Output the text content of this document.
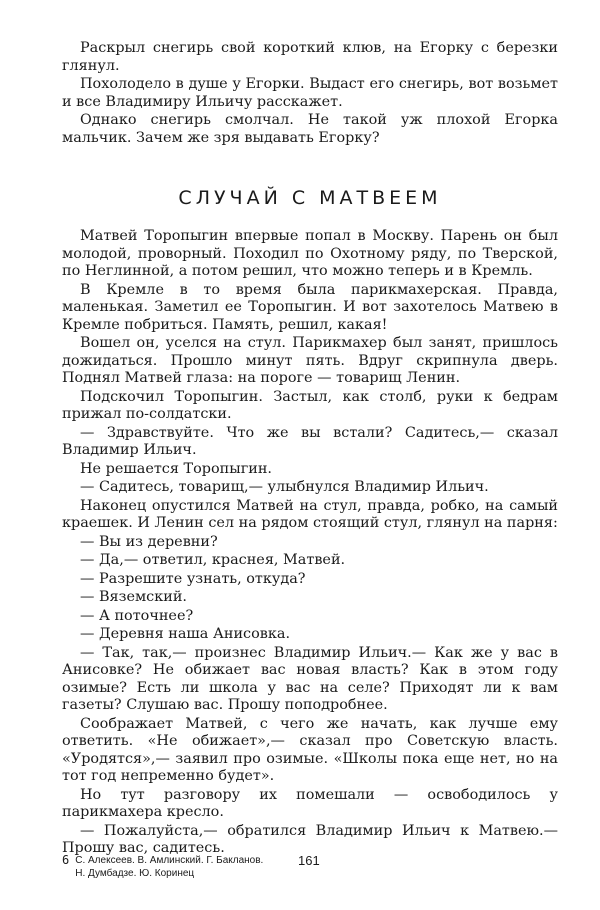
Раскрыл снегирь свой короткий клюв, на Егорку с березки глянул.

Похолодело в душе у Егорки. Выдаст его снегирь, вот возьмет и все Владимиру Ильичу расскажет.

Однако снегирь смолчал. Не такой уж плохой Егорка мальчик. Зачем же зря выдавать Егорку?

СЛУЧАЙ С МАТВЕЕМ

Матвей Торопыгин впервые попал в Москву. Парень он был молодой, проворный. Походил по Охотному ряду, по Тверской, по Неглинной, а потом решил, что можно теперь и в Кремль.

В Кремле в то время была парикмахерская. Правда, маленькая. Заметил ее Торопыгин. И вот захотелось Матвею в Кремле побриться. Память, решил, какая!

Вошел он, уселся на стул. Парикмахер был занят, пришлось дожидаться. Прошло минут пять. Вдруг скрипнула дверь. Поднял Матвей глаза: на пороге — товарищ Ленин.

Подскочил Торопыгин. Застыл, как столб, руки к бедрам прижал по-солдатски.

— Здравствуйте. Что же вы встали? Садитесь,— сказал Владимир Ильич.

Не решается Торопыгин.

— Садитесь, товарищ,— улыбнулся Владимир Ильич.

Наконец опустился Матвей на стул, правда, робко, на самый краешек. И Ленин сел на рядом стоящий стул, глянул на парня:

— Вы из деревни?

— Да,— ответил, краснея, Матвей.

— Разрешите узнать, откуда?

— Вяземский.

— А поточнее?

— Деревня наша Анисовка.

— Так, так,— произнес Владимир Ильич.— Как же у вас в Анисовке? Не обижает вас новая власть? Как в этом году озимые? Есть ли школа у вас на селе? Приходят ли к вам газеты? Слушаю вас. Прошу поподробнее.

Соображает Матвей, с чего же начать, как лучше ему ответить. «Не обижает»,— сказал про Советскую власть. «Уродятся»,— заявил про озимые. «Школы пока еще нет, но на тот год непременно будет».

Но тут разговору их помешали — освободилось у парикмахера кресло.

— Пожалуйста,— обратился Владимир Ильич к Матвею.— Прошу вас, садитесь.

6 С. Алексеев. В. Амлинский. Г. Бакланов.
Н. Думбадзе. Ю. Коринец
161
